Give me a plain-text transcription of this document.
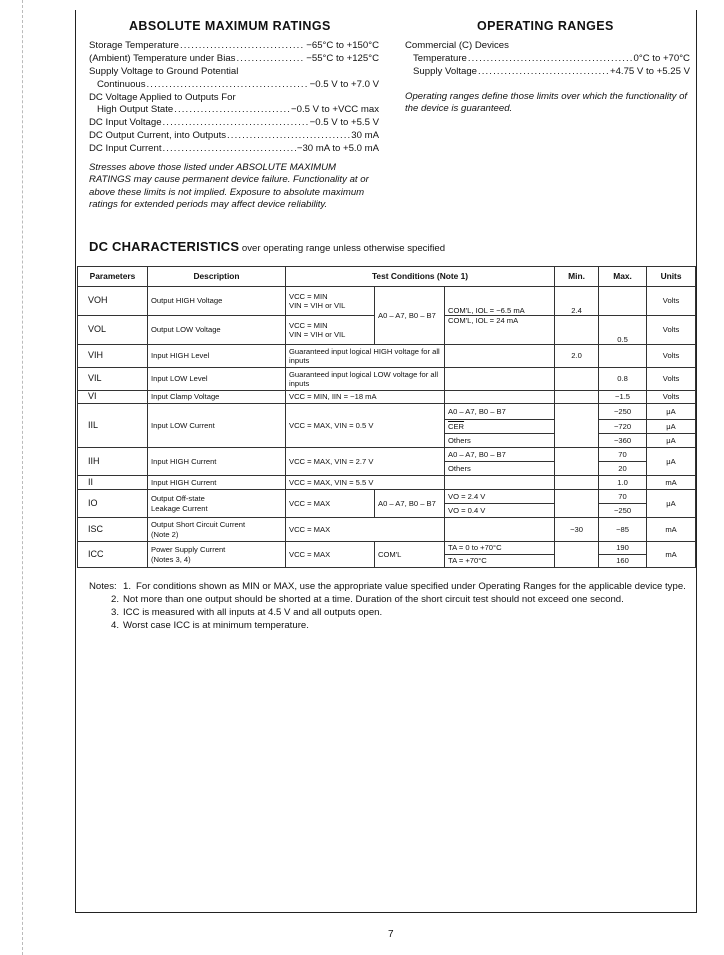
ABSOLUTE MAXIMUM RATINGS
Storage Temperature .....	−65°C to +150°C
(Ambient) Temperature under Bias .....	−55°C to +125°C
Supply Voltage to Ground Potential
Continuous .....	−0.5 V to +7.0 V
DC Voltage Applied to Outputs For
High Output State .....	−0.5 V to +VCC max
DC Input Voltage .....	−0.5 V to +5.5 V
DC Output Current, into Outputs .....	30 mA
DC Input Current .....	−30 mA to +5.0 mA
Stresses above those listed under ABSOLUTE MAXIMUM RATINGS may cause permanent device failure. Functionality at or above these limits is not implied. Exposure to absolute maximum ratings for extended periods may affect device reliability.
OPERATING RANGES
Commercial (C) Devices
Temperature .....	0°C to +70°C
Supply Voltage .....	+4.75 V to +5.25 V
Operating ranges define those limits over which the functionality of the device is guaranteed.
DC CHARACTERISTICS over operating range unless otherwise specified
Parameters	Description	Test Conditions (Note 1)			Min.	Max.	Units
VOH	Output HIGH Voltage	VCC = MIN
VIN = VIH or VIL	A0 – A7, B0 – B7	COM'L, IOL = −6.5 mA	2.4		Volts
VOL	Output LOW Voltage	VCC = MIN
VIN = VIH or VIL		COM'L, IOL = 24 mA		0.5	Volts
VIH	Input HIGH Level	Guaranteed input logical HIGH voltage for all inputs			2.0		Volts
VIL	Input LOW Level	Guaranteed input logical LOW voltage for all inputs				0.8	Volts
VI	Input Clamp Voltage	VCC = MIN, IIN = −18 mA				−1.5	Volts
IIL	Input LOW Current	VCC = MAX, VIN = 0.5 V		A0 – A7, B0 – B7		−250	μA
				$\overline{CER}$		−720	μA
				Others		−360	μA
IIH	Input HIGH Current	VCC = MAX, VIN = 2.7 V		A0 – A7, B0 – B7		70	μA
				Others		20	
II	Input HIGH Current	VCC = MAX, VIN = 5.5 V				1.0	mA
IO	Output Off-state
Leakage Current	VCC = MAX	A0 – A7, B0 – B7	VO = 2.4 V		70	μA
				VO = 0.4 V		−250	
ISC	Output Short Circuit Current
(Note 2)	VCC = MAX			−30	−85	mA
ICC	Power Supply Current
(Notes 3, 4)	VCC = MAX	COM'L	TA = 0 to +70°C		190	mA
				TA = +70°C		160	
Notes: 1. For conditions shown as MIN or MAX, use the appropriate value specified under Operating Ranges for the applicable device type.
2. Not more than one output should be shorted at a time. Duration of the short circuit test should not exceed one second.
3. ICC is measured with all inputs at 4.5 V and all outputs open.
4. Worst case ICC is at minimum temperature.
7
